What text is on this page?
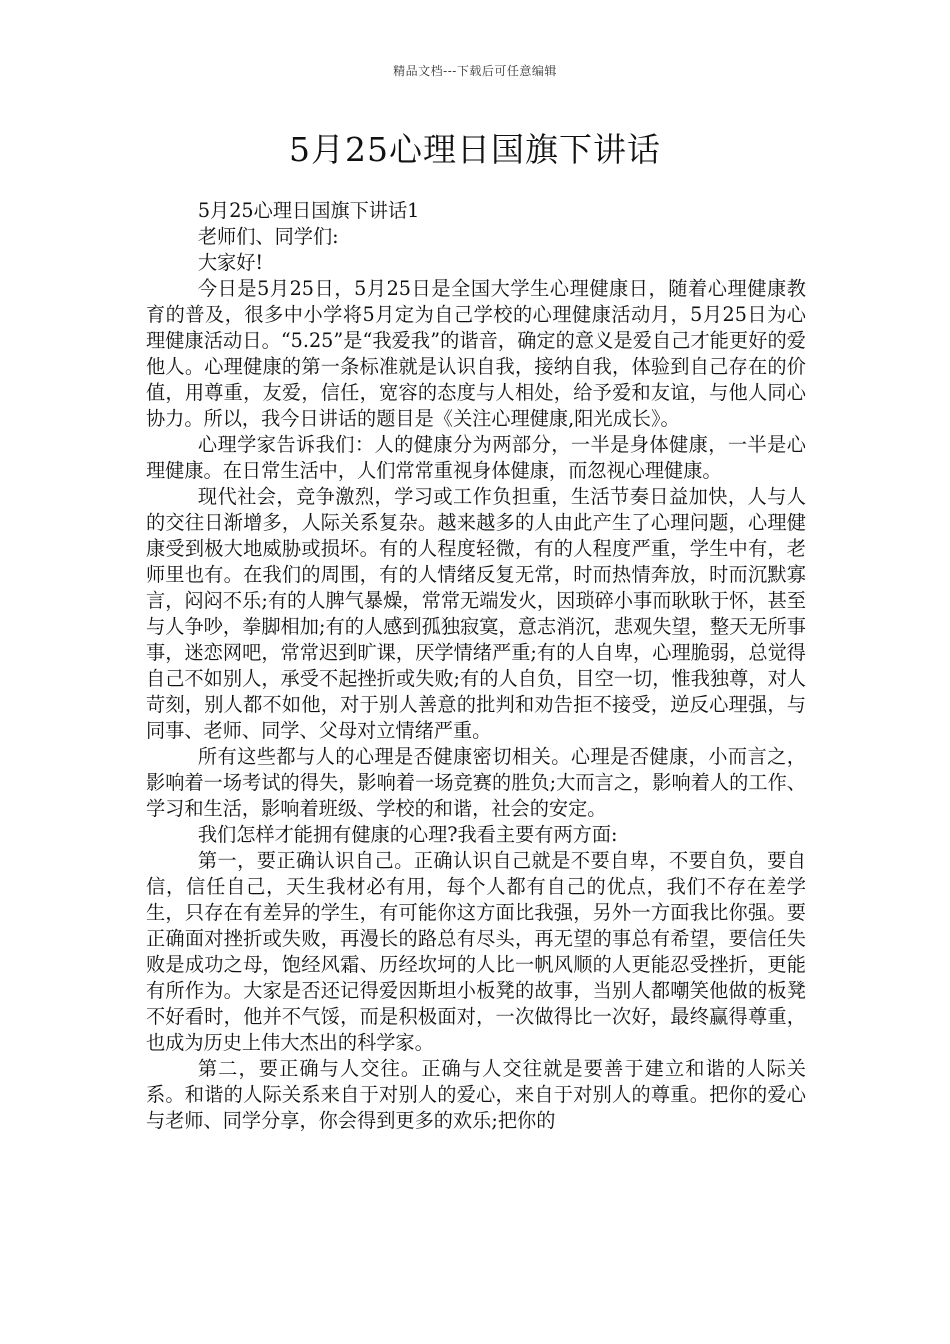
精品文档---下载后可任意编辑
5月25心理日国旗下讲话

5月25心理日国旗下讲话1

老师们、同学们:

大家好!

今日是5月25日，5月25日是全国大学生心理健康日，随着心理健康教育的普及，很多中小学将5月定为自己学校的心理健康活动月，5月25日为心理健康活动日。“5.25”是“我爱我”的谐音，确定的意义是爱自己才能更好的爱他人。心理健康的第一条标准就是认识自我，接纳自我，体验到自己存在的价值，用尊重，友爱，信任，宽容的态度与人相处，给予爱和友谊，与他人同心协力。所以，我今日讲话的题目是《关注心理健康,阳光成长》。

心理学家告诉我们：人的健康分为两部分，一半是身体健康，一半是心理健康。在日常生活中，人们常常重视身体健康，而忽视心理健康。

现代社会，竞争激烈，学习或工作负担重，生活节奏日益加快，人与人的交往日渐增多，人际关系复杂。越来越多的人由此产生了心理问题，心理健康受到极大地威胁或损坏。有的人程度轻微，有的人程度严重，学生中有，老师里也有。在我们的周围，有的人情绪反复无常，时而热情奔放，时而沉默寡言，闷闷不乐;有的人脾气暴燥，常常无端发火，因琐碎小事而耿耿于怀，甚至与人争吵，拳脚相加;有的人感到孤独寂寞，意志消沉，悲观失望，整天无所事事，迷恋网吧，常常迟到旷课，厌学情绪严重;有的人自卑，心理脆弱，总觉得自己不如别人，承受不起挫折或失败;有的人自负，目空一切，惟我独尊，对人苛刻，别人都不如他，对于别人善意的批判和劝告拒不接受，逆反心理强，与同事、老师、同学、父母对立情绪严重。

所有这些都与人的心理是否健康密切相关。心理是否健康，小而言之，影响着一场考试的得失，影响着一场竞赛的胜负;大而言之，影响着人的工作、学习和生活，影响着班级、学校的和谐，社会的安定。

我们怎样才能拥有健康的心理?我看主要有两方面:

第一，要正确认识自己。正确认识自己就是不要自卑，不要自负，要自信，信任自己，天生我材必有用，每个人都有自己的优点，我们不存在差学生，只存在有差异的学生，有可能你这方面比我强，另外一方面我比你强。要正确面对挫折或失败，再漫长的路总有尽头，再无望的事总有希望，要信任失败是成功之母，饱经风霜、历经坎坷的人比一帆风顺的人更能忍受挫折，更能有所作为。大家是否还记得爱因斯坦小板凳的故事，当别人都嘲笑他做的板凳不好看时，他并不气馁，而是积极面对，一次做得比一次好，最终赢得尊重，也成为历史上伟大杰出的科学家。

第二，要正确与人交往。正确与人交往就是要善于建立和谐的人际关系。和谐的人际关系来自于对别人的爱心，来自于对别人的尊重。把你的爱心与老师、同学分享，你会得到更多的欢乐;把你的
